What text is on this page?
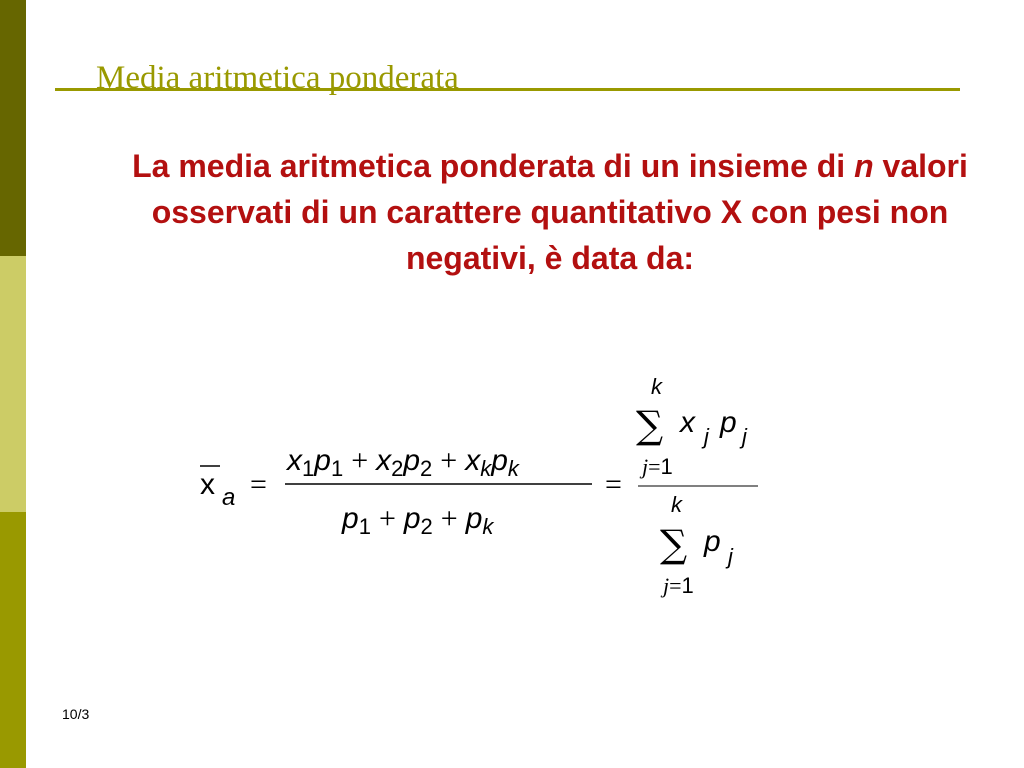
Media aritmetica ponderata

La media aritmetica ponderata di un insieme di n valori osservati di un carattere quantitativo X con pesi non negativi, è data da:

x a =
$x_1p_1 + x_2p_2 + x_kp_k$
$p_1 + p_2 + p_k$
=
k
∑ x j p j
j=1
k
∑ p j
j=1
10/3
